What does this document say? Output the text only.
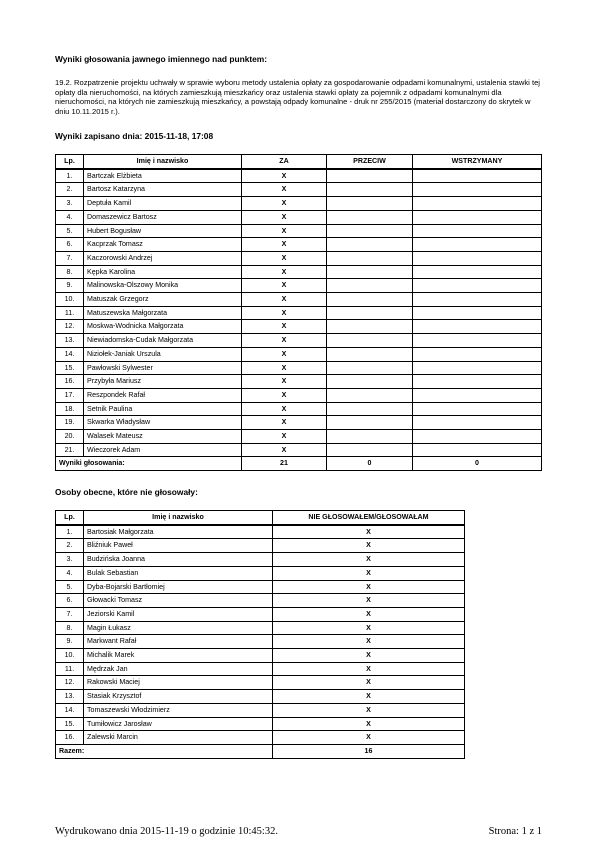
Wyniki głosowania jawnego imiennego nad punktem:
19.2. Rozpatrzenie projektu uchwały w sprawie wyboru metody ustalenia opłaty za gospodarowanie odpadami komunalnymi, ustalenia stawki tej opłaty dla nieruchomości, na których zamieszkują mieszkańcy oraz ustalenia stawki opłaty za pojemnik z odpadami komunalnymi dla nieruchomości, na których nie zamieszkują mieszkańcy, a powstają odpady komunalne - druk nr 255/2015 (materiał dostarczony do skrytek w dniu 10.11.2015 r.).
Wyniki zapisano dnia: 2015-11-18, 17:08
Lp.	Imię i nazwisko	ZA	PRZECIW	WSTRZYMANY
1.	Bartczak Elżbieta	X		
2.	Bartosz Katarzyna	X		
3.	Deptuła Kamil	X		
4.	Domaszewicz Bartosz	X		
5.	Hubert Bogusław	X		
6.	Kacprzak Tomasz	X		
7.	Kaczorowski Andrzej	X		
8.	Kępka Karolina	X		
9.	Malinowska-Olszowy Monika	X		
10.	Matuszak Grzegorz	X		
11.	Matuszewska Małgorzata	X		
12.	Moskwa-Wodnicka Małgorzata	X		
13.	Niewiadomska-Cudak Małgorzata	X		
14.	Niziołek-Janiak Urszula	X		
15.	Pawłowski Sylwester	X		
16.	Przybyła Mariusz	X		
17.	Reszpondek Rafał	X		
18.	Setnik Paulina	X		
19.	Skwarka Władysław	X		
20.	Walasek Mateusz	X		
21.	Wieczorek Adam	X		
Wyniki głosowania:		21	0	0
Osoby obecne, które nie głosowały:
Lp.	Imię i nazwisko	NIE GŁOSOWAŁEM/GŁOSOWAŁAM
1.	Bartosiak Małgorzata	X
2.	Bliźniuk Paweł	X
3.	Budzińska Joanna	X
4.	Bulak Sebastian	X
5.	Dyba-Bojarski Bartłomiej	X
6.	Głowacki Tomasz	X
7.	Jeziorski Kamil	X
8.	Magin Łukasz	X
9.	Markwant Rafał	X
10.	Michalik Marek	X
11.	Mędrzak Jan	X
12.	Rakowski Maciej	X
13.	Stasiak Krzysztof	X
14.	Tomaszewski Włodzimierz	X
15.	Tumiłowicz Jarosław	X
16.	Zalewski Marcin	X
Razem:		16
Wydrukowano dnia 2015-11-19 o godzinie 10:45:32.	Strona: 1 z 1
